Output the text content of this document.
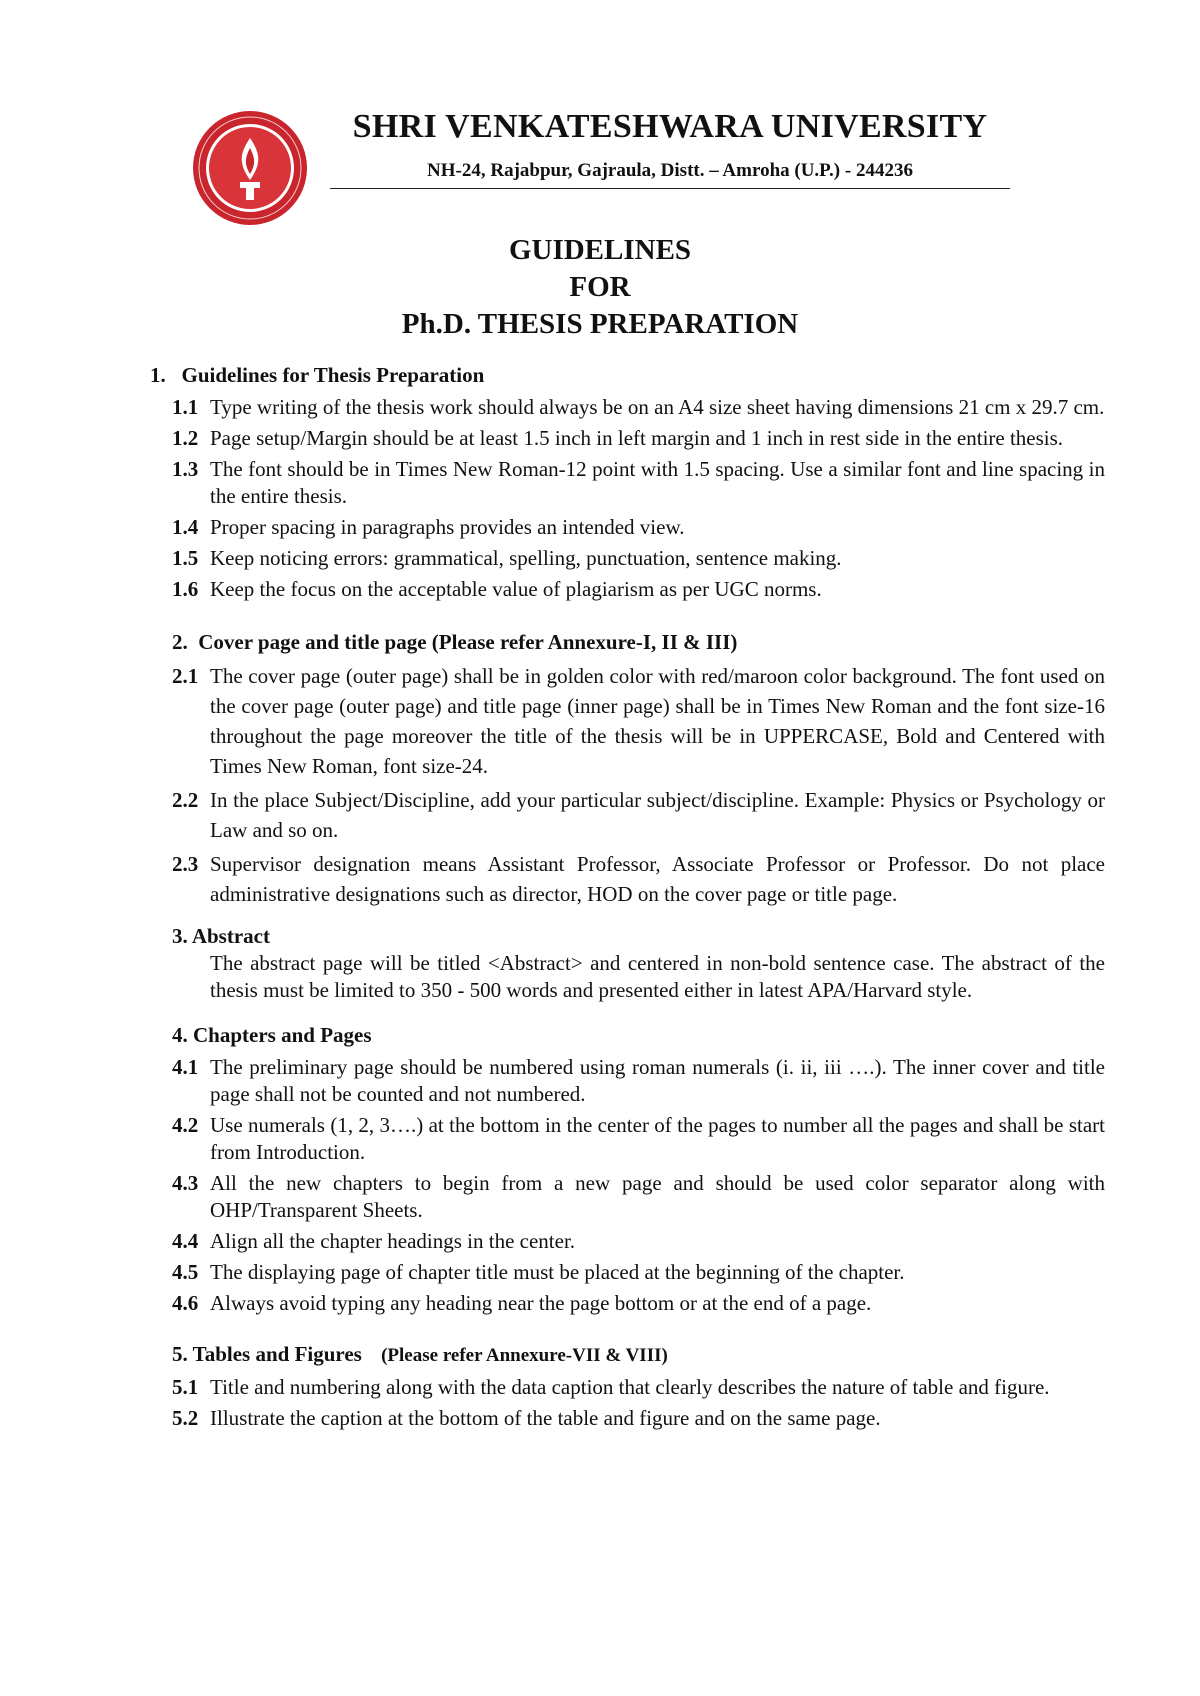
SHRI VENKATESHWARA UNIVERSITY
NH-24, Rajabpur, Gajraula, Distt. – Amroha (U.P.) - 244236
GUIDELINES
FOR
Ph.D. THESIS PREPARATION

1.   Guidelines for Thesis Preparation

1.1 Type writing of the thesis work should always be on an A4 size sheet having dimensions 21 cm x 29.7 cm.
1.2 Page setup/Margin should be at least 1.5 inch in left margin and 1 inch in rest side in the entire thesis.
1.3 The font should be in Times New Roman-12 point with 1.5 spacing. Use a similar font and line spacing in the entire thesis.
1.4 Proper spacing in paragraphs provides an intended view.
1.5 Keep noticing errors: grammatical, spelling, punctuation, sentence making.
1.6 Keep the focus on the acceptable value of plagiarism as per UGC norms.

2.  Cover page and title page (Please refer Annexure-I, II & III)

2.1 The cover page (outer page) shall be in golden color with red/maroon color background. The font used on the cover page (outer page) and title page (inner page) shall be in Times New Roman and the font size-16 throughout the page moreover the title of the thesis will be in UPPERCASE, Bold and Centered with Times New Roman, font size-24.
2.2 In the place Subject/Discipline, add your particular subject/discipline. Example: Physics or Psychology or Law and so on.
2.3 Supervisor designation means Assistant Professor, Associate Professor or Professor. Do not place administrative designations such as director, HOD on the cover page or title page.

3. Abstract

The abstract page will be titled <Abstract> and centered in non-bold sentence case. The abstract of the thesis must be limited to 350 - 500 words and presented either in latest APA/Harvard style.

4. Chapters and Pages

4.1 The preliminary page should be numbered using roman numerals (i. ii, iii ….). The inner cover and title page shall not be counted and not numbered.
4.2 Use numerals (1, 2, 3….) at the bottom in the center of the pages to number all the pages and shall be start from Introduction.
4.3 All the new chapters to begin from a new page and should be used color separator along with OHP/Transparent Sheets.
4.4 Align all the chapter headings in the center.
4.5 The displaying page of chapter title must be placed at the beginning of the chapter.
4.6 Always avoid typing any heading near the page bottom or at the end of a page.

5. Tables and Figures (Please refer Annexure-VII & VIII)

5.1 Title and numbering along with the data caption that clearly describes the nature of table and figure.
5.2 Illustrate the caption at the bottom of the table and figure and on the same page.
